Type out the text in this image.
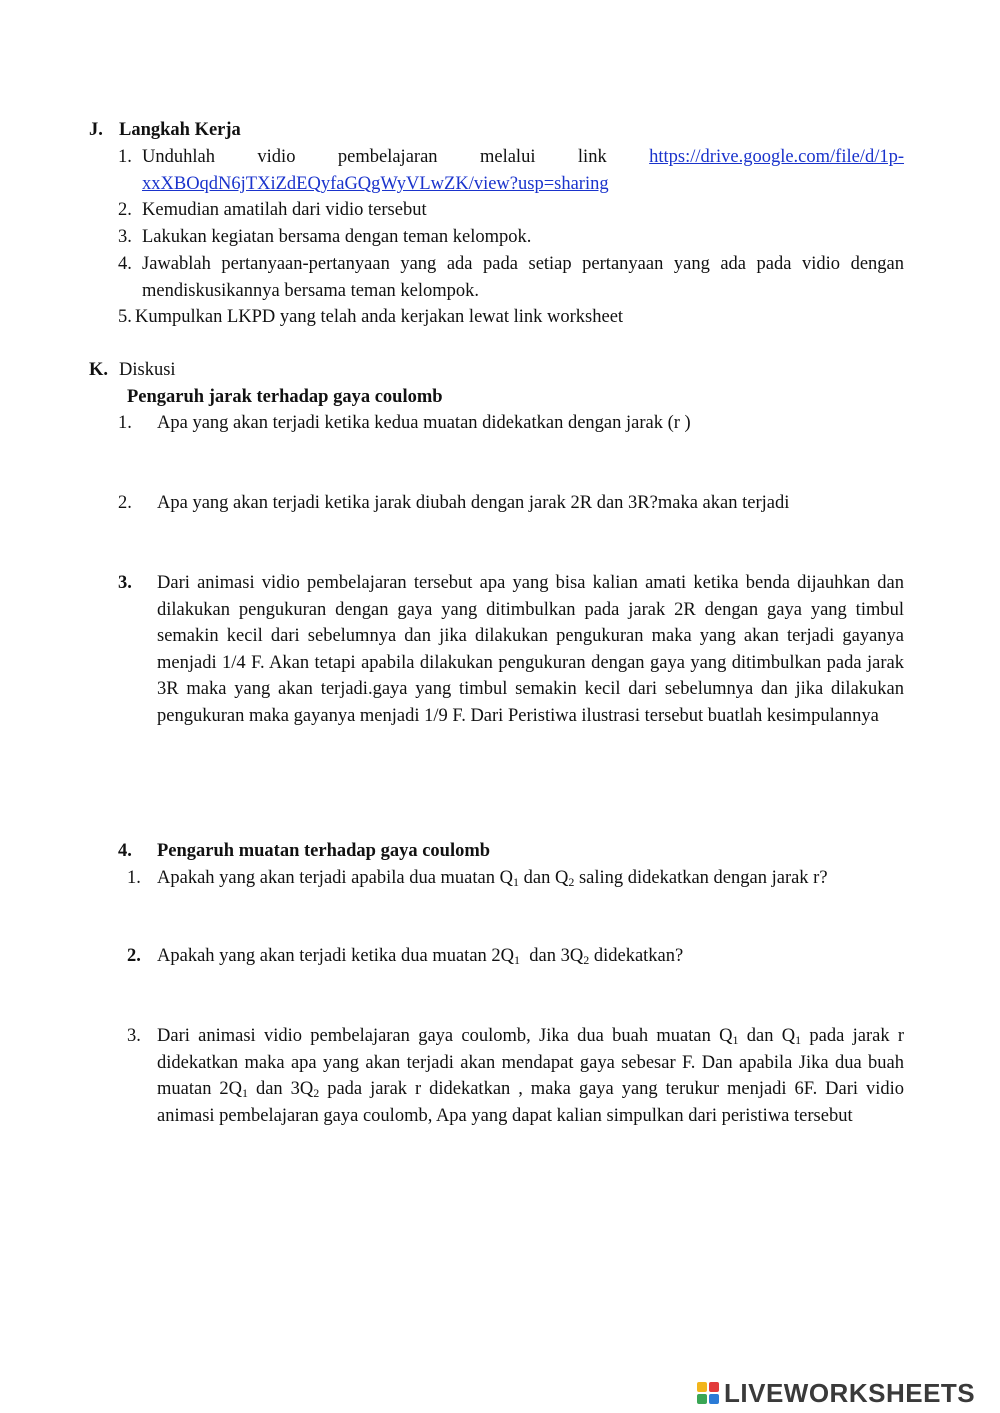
J. Langkah Kerja
1. Unduhlah vidio pembelajaran melalui link https://drive.google.com/file/d/1p-
xxXBOqdN6jTXiZdEQyfaGQgWyVLwZK/view?usp=sharing
2. Kemudian amatilah dari vidio tersebut
3. Lakukan kegiatan bersama dengan teman kelompok.
4. Jawablah pertanyaan-pertanyaan yang ada pada setiap pertanyaan yang ada pada vidio dengan mendiskusikannya bersama teman kelompok.
5. Kumpulkan LKPD yang telah anda kerjakan lewat link worksheet
K. Diskusi
Pengaruh jarak terhadap gaya coulomb
1. Apa yang akan terjadi ketika kedua muatan didekatkan dengan jarak (r )
2. Apa yang akan terjadi ketika jarak diubah dengan jarak 2R dan 3R?maka akan terjadi
3. Dari animasi vidio pembelajaran tersebut apa yang bisa kalian amati ketika benda dijauhkan dan dilakukan pengukuran dengan gaya yang ditimbulkan pada jarak 2R dengan gaya yang timbul semakin kecil dari sebelumnya dan jika dilakukan pengukuran maka yang akan terjadi gayanya menjadi 1/4 F. Akan tetapi apabila dilakukan pengukuran dengan gaya yang ditimbulkan pada jarak 3R maka yang akan terjadi.gaya yang timbul semakin kecil dari sebelumnya dan jika dilakukan pengukuran maka gayanya menjadi 1/9 F. Dari Peristiwa ilustrasi tersebut buatlah kesimpulannya
4. Pengaruh muatan terhadap gaya coulomb
1. Apakah yang akan terjadi apabila dua muatan $Q_1$ dan $Q_2$ saling didekatkan dengan jarak r?
2. Apakah yang akan terjadi ketika dua muatan $2Q_1$  dan $3Q_2$ didekatkan?
3. Dari animasi vidio pembelajaran gaya coulomb, Jika dua buah muatan $Q_1$ dan $Q_1$ pada jarak r didekatkan maka apa yang akan terjadi akan mendapat gaya sebesar F. Dan apabila Jika dua buah muatan $2Q_1$ dan $3Q_2$ pada jarak r didekatkan , maka gaya yang terukur menjadi 6F. Dari vidio animasi pembelajaran gaya coulomb, Apa yang dapat kalian simpulkan dari peristiwa tersebut
LIVEWORKSHEETS
